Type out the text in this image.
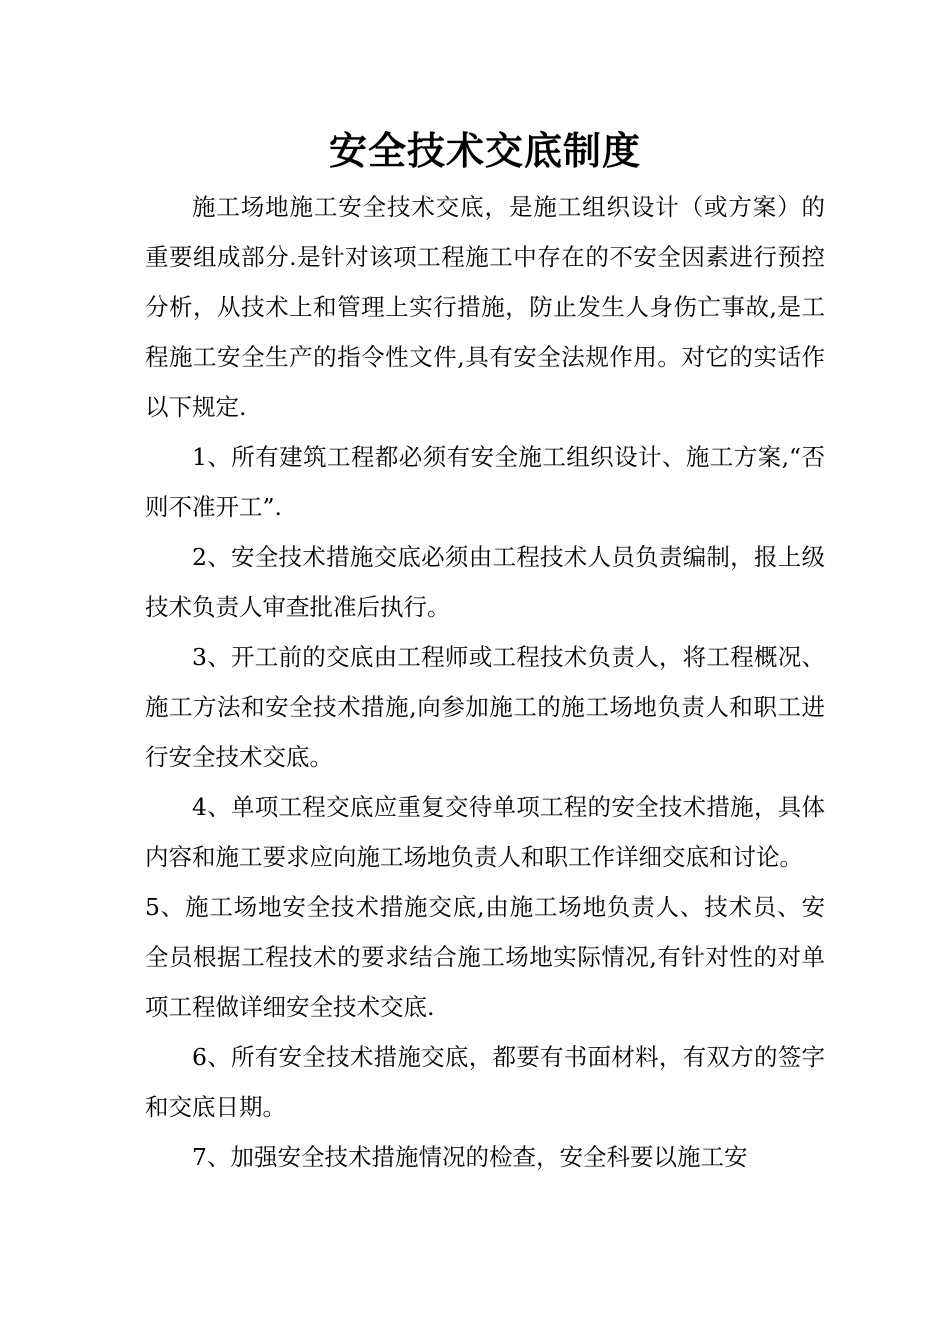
安全技术交底制度

施工场地施工安全技术交底，是施工组织设计（或方案）的重要组成部分.是针对该项工程施工中存在的不安全因素进行预控分析，从技术上和管理上实行措施，防止发生人身伤亡事故,是工程施工安全生产的指令性文件,具有安全法规作用。对它的实话作以下规定.

1、所有建筑工程都必须有安全施工组织设计、施工方案,“否则不准开工”.

2、安全技术措施交底必须由工程技术人员负责编制，报上级技术负责人审查批准后执行。

3、开工前的交底由工程师或工程技术负责人，将工程概况、施工方法和安全技术措施,向参加施工的施工场地负责人和职工进行安全技术交底。

4、单项工程交底应重复交待单项工程的安全技术措施，具体内容和施工要求应向施工场地负责人和职工作详细交底和讨论。

5、施工场地安全技术措施交底,由施工场地负责人、技术员、安全员根据工程技术的要求结合施工场地实际情况,有针对性的对单项工程做详细安全技术交底.

6、所有安全技术措施交底，都要有书面材料，有双方的签字和交底日期。

7、加强安全技术措施情况的检查，安全科要以施工安
